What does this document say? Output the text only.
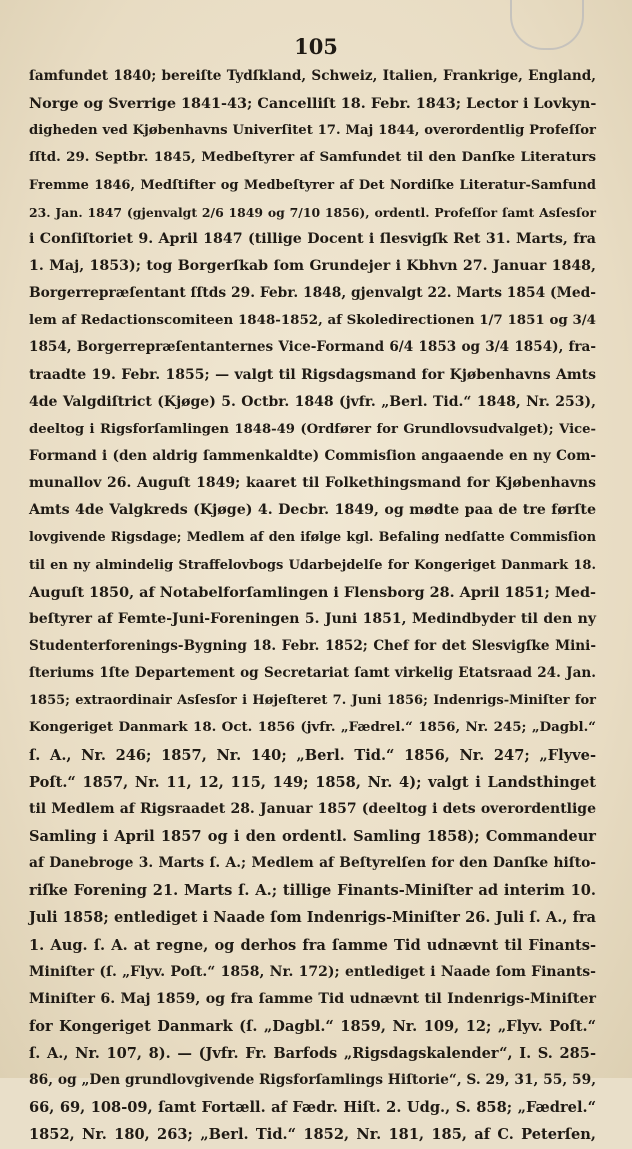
105
ſamfundet 1840; bereiſte Tydſkland, Schweiz, Italien, Frankrige, England,
Norge og Sverrige 1841-43; Cancelliſt 18. Febr. 1843; Lector i Lovkyn-
digheden ved Kjøbenhavns Univerſitet 17. Maj 1844, overordentlig Profeſſor
ſſtd. 29. Septbr. 1845, Medbeſtyrer af Samfundet til den Danſke Literaturs
Fremme 1846, Medſtifter og Medbeſtyrer af Det Nordiſke Literatur-Samfund
23. Jan. 1847 (gjenvalgt 2/6 1849 og 7/10 1856), ordentl. Profeſſor ſamt Asſesſor
i Conſiſtoriet 9. April 1847 (tillige Docent i ſlesvigſk Ret 31. Marts, fra
1. Maj, 1853); tog Borgerſkab ſom Grundejer i Kbhvn 27. Januar 1848,
Borgerrepræſentant ſſtds 29. Febr. 1848, gjenvalgt 22. Marts 1854 (Med-
lem af Redactionscomiteen 1848-1852, af Skoledirectionen 1/7 1851 og 3/4
1854, Borgerrepræſentanternes Vice-Formand 6/4 1853 og 3/4 1854), fra-
traadte 19. Febr. 1855; — valgt til Rigsdagsmand for Kjøbenhavns Amts
4de Valgdiſtrict (Kjøge) 5. Octbr. 1848 (jvfr. „Berl. Tid.“ 1848, Nr. 253),
deeltog i Rigsforſamlingen 1848-49 (Ordfører for Grundlovsudvalget); Vice-
Formand i (den aldrig ſammenkaldte) Commisſion angaaende en ny Com-
munallov 26. Auguſt 1849; kaaret til Folkethingsmand for Kjøbenhavns
Amts 4de Valgkreds (Kjøge) 4. Decbr. 1849, og mødte paa de tre førſte
lovgivende Rigsdage; Medlem af den ifølge kgl. Befaling nedſatte Commisſion
til en ny almindelig Straffelovbogs Udarbejdelſe for Kongeriget Danmark 18.
Auguſt 1850, af Notabelforſamlingen i Flensborg 28. April 1851; Med-
beſtyrer af Femte-Juni-Foreningen 5. Juni 1851, Medindbyder til den ny
Studenterforenings-Bygning 18. Febr. 1852; Chef for det Slesvigſke Mini-
ſteriums 1ſte Departement og Secretariat ſamt virkelig Etatsraad 24. Jan.
1855; extraordinair Asſesſor i Højeſteret 7. Juni 1856; Indenrigs-Miniſter for
Kongeriget Danmark 18. Oct. 1856 (jvfr. „Fædrel.“ 1856, Nr. 245; „Dagbl.“
ſ. A., Nr. 246; 1857, Nr. 140; „Berl. Tid.“ 1856, Nr. 247; „Flyve-
Poſt.“ 1857, Nr. 11, 12, 115, 149; 1858, Nr. 4); valgt i Landsthinget
til Medlem af Rigsraadet 28. Januar 1857 (deeltog i dets overordentlige
Samling i April 1857 og i den ordentl. Samling 1858); Commandeur
af Danebroge 3. Marts ſ. A.; Medlem af Beſtyrelſen for den Danſke hiſto-
riſke Forening 21. Marts ſ. A.; tillige Finants-Miniſter ad interim 10.
Juli 1858; entlediget i Naade ſom Indenrigs-Miniſter 26. Juli ſ. A., fra
1. Aug. ſ. A. at regne, og derhos fra ſamme Tid udnævnt til Finants-
Miniſter (ſ. „Flyv. Poſt.“ 1858, Nr. 172); entlediget i Naade ſom Finants-
Miniſter 6. Maj 1859, og fra ſamme Tid udnævnt til Indenrigs-Miniſter
for Kongeriget Danmark (ſ. „Dagbl.“ 1859, Nr. 109, 12; „Flyv. Poſt.“
ſ. A., Nr. 107, 8). — (Jvfr. Fr. Barfods „Rigsdagskalender“, I. S. 285-
86, og „Den grundlovgivende Rigsforſamlings Hiſtorie“, S. 29, 31, 55, 59,
66, 69, 108-09, ſamt Fortæll. af Fædr. Hiſt. 2. Udg., S. 858; „Fædrel.“
1852, Nr. 180, 263; „Berl. Tid.“ 1852, Nr. 181, 185, af C. Peterſen,
